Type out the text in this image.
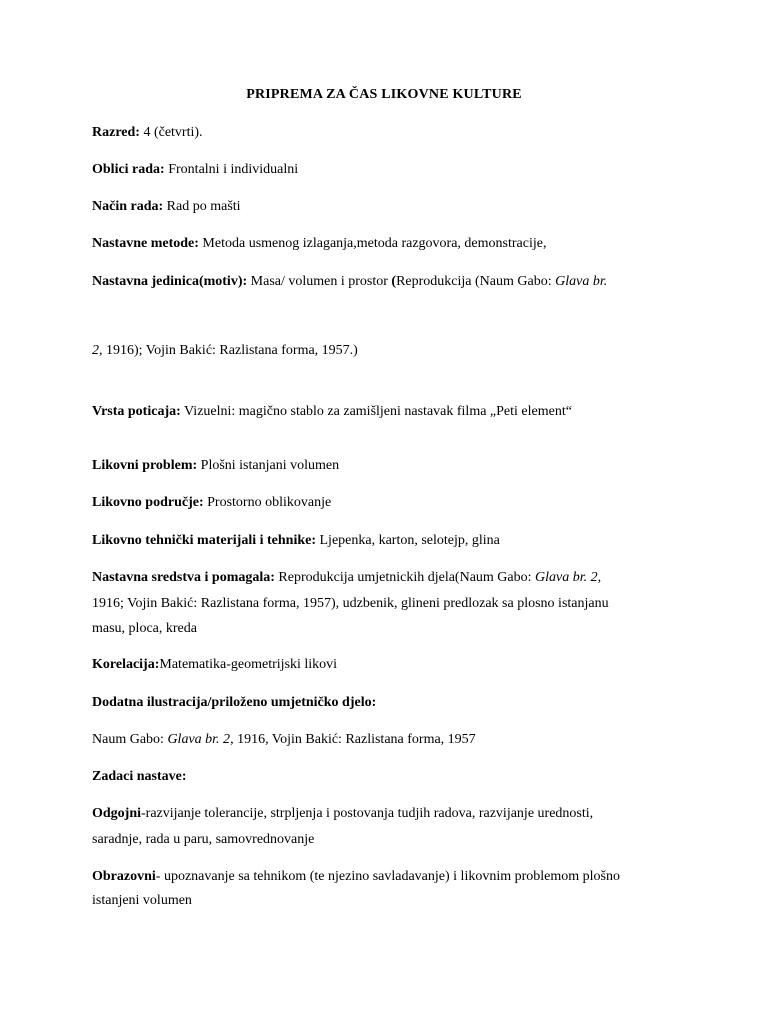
PRIPREMA ZA ČAS LIKOVNE KULTURE
Razred: 4 (četvrti).
Oblici rada: Frontalni i individualni
Način rada: Rad po mašti
Nastavne metode: Metoda usmenog izlaganja,metoda razgovora, demonstracije,
Nastavna jedinica(motiv): Masa/ volumen i prostor (Reprodukcija (Naum Gabo: Glava br.
2, 1916); Vojin Bakić: Razlistana forma, 1957.)
Vrsta poticaja: Vizuelni: magično stablo za zamišljeni nastavak filma „Peti element“
Likovni problem: Plošni istanjani volumen
Likovno područje: Prostorno oblikovanje
Likovno tehnički materijali i tehnike: Ljepenka, karton, selotejp, glina
Nastavna sredstva i pomagala: Reprodukcija umjetnickih djela(Naum Gabo: Glava br. 2,
1916; Vojin Bakić: Razlistana forma, 1957), udzbenik, glineni predlozak sa plosno istanjanu
masu, ploca, kreda
Korelacija:Matematika-geometrijski likovi
Dodatna ilustracija/priloženo umjetničko djelo:
Naum Gabo: Glava br. 2, 1916, Vojin Bakić: Razlistana forma, 1957
Zadaci nastave:
Odgojni-razvijanje tolerancije, strpljenja i postovanja tudjih radova, razvijanje urednosti,
saradnje, rada u paru, samovrednovanje
Obrazovni- upoznavanje sa tehnikom (te njezino savladavanje) i likovnim problemom plošno
istanjeni volumen
